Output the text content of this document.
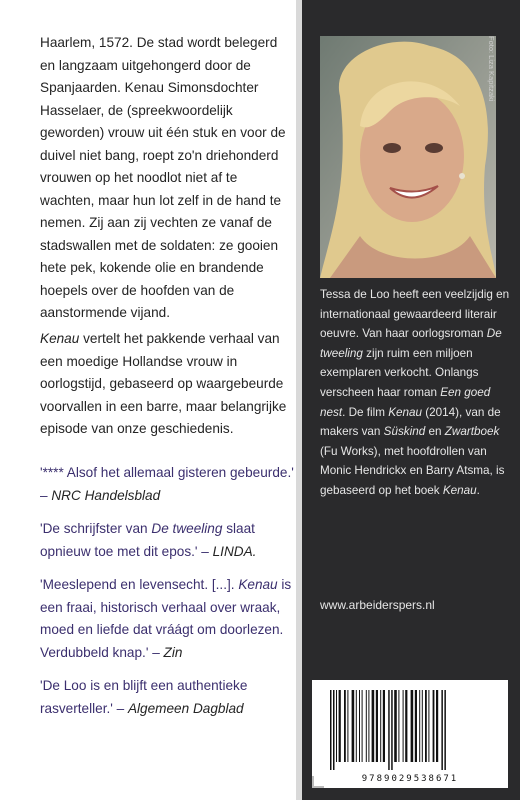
Haarlem, 1572. De stad wordt belegerd en langzaam uitgehongerd door de Spanjaarden. Kenau Simonsdochter Hasselaer, de (spreekwoordelijk geworden) vrouw uit één stuk en voor de duivel niet bang, roept zo'n driehonderd vrouwen op het noodlot niet af te wachten, maar hun lot zelf in de hand te nemen. Zij aan zij vechten ze vanaf de stadswallen met de soldaten: ze gooien hete pek, kokende olie en brandende hoepels over de hoofden van de aanstormende vijand.

Kenau vertelt het pakkende verhaal van een moedige Hollandse vrouw in oorlogstijd, gebaseerd op waargebeurde voorvallen in een barre, maar belangrijke episode van onze geschiedenis.

'**** Alsof het allemaal gisteren gebeurde.' – NRC Handelsblad

'De schrijfster van De tweeling slaat opnieuw toe met dit epos.' – LINDA.

'Meeslepend en levensecht. [...]. Kenau is een fraai, historisch verhaal over wraak, moed en liefde dat vráágt om doorlezen. Verdubbeld knap.' – Zin

'De Loo is en blijft een authentieke rasverteller.' – Algemeen Dagblad

Foto: Liza Kapitzaki

Tessa de Loo heeft een veelzijdig en internationaal gewaardeerd literair oeuvre. Van haar oorlogsroman De tweeling zijn ruim een miljoen exemplaren verkocht. Onlangs verscheen haar roman Een goed nest. De film Kenau (2014), van de makers van Süskind en Zwartboek (Fu Works), met hoofdrollen van Monic Hendrickx en Barry Atsma, is gebaseerd op het boek Kenau.

www.arbeiderspers.nl
9789029538671
